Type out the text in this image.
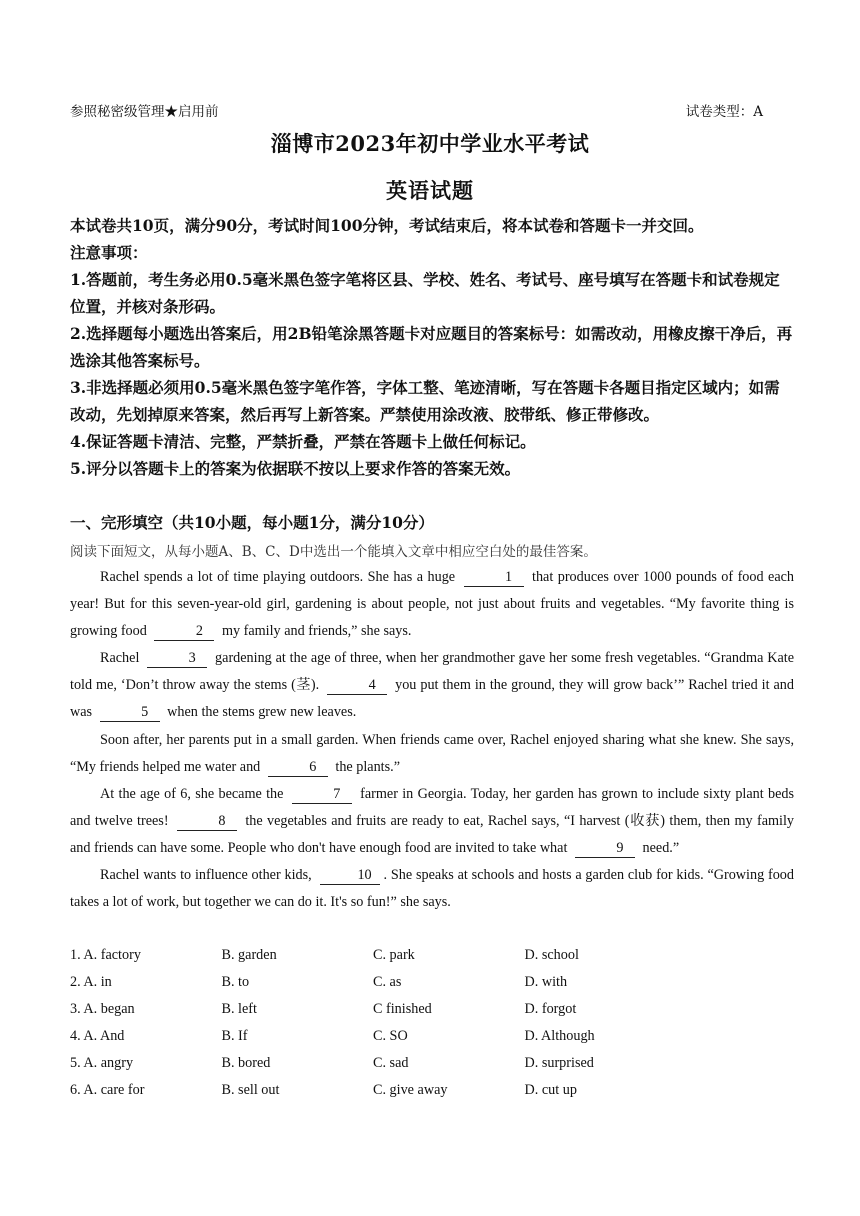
参照秘密级管理★启用前	试卷类型：A
淄博市2023年初中学业水平考试
英语试题
本试卷共10页，满分90分，考试时间100分钟，考试结束后，将本试卷和答题卡一并交回。
注意事项：
1.答题前，考生务必用0.5毫米黑色签字笔将区县、学校、姓名、考试号、座号填写在答题卡和试卷规定位置，并核对条形码。
2.选择题每小题选出答案后，用2B铅笔涂黑答题卡对应题目的答案标号：如需改动，用橡皮擦干净后，再选涂其他答案标号。
3.非选择题必须用0.5毫米黑色签字笔作答，字体工整、笔迹清晰，写在答题卡各题目指定区域内；如需改动，先划掉原来答案，然后再写上新答案。严禁使用涂改液、胶带纸、修正带修改。
4.保证答题卡清洁、完整，严禁折叠，严禁在答题卡上做任何标记。
5.评分以答题卡上的答案为依据联不按以上要求作答的答案无效。
一、完形填空（共10小题，每小题1分，满分10分）
阅读下面短文，从每小题A、B、C、D中选出一个能填入文章中相应空白处的最佳答案。

Rachel spends a lot of time playing outdoors. She has a huge	1 that produces over 1000 pounds of food each year! But for this seven-year-old girl, gardening is about people, not just about fruits and vegetables. “My favorite thing is growing food	2 my family and friends,” she says.

Rachel	3 gardening at the age of three, when her grandmother gave her some fresh vegetables. “Grandma Kate told me, ‘Don’t throw away the stems (茎).	4 you put them in the ground, they will grow back’” Rachel tried it and was	5 when the stems grew new leaves.

Soon after, her parents put in a small garden. When friends came over, Rachel enjoyed sharing what she knew. She says, “My friends helped me water and	6 the plants.”

At the age of 6, she became the	7 farmer in Georgia. Today, her garden has grown to include sixty plant beds and twelve trees!	8 the vegetables and fruits are ready to eat, Rachel says, “I harvest (收获) them, then my family and friends can have some. People who don't have enough food are invited to take what	9 need.”

Rachel wants to influence other kids,	10 . She speaks at schools and hosts a garden club for kids. “Growing food takes a lot of work, but together we can do it. It's so fun!” she says.

1. A. factory	B. garden	C. park	D. school
2. A. in	B. to	C. as	D. with
3. A. began	B. left	C finished	D. forgot
4. A. And	B. If	C. SO	D. Although
5. A. angry	B. bored	C. sad	D. surprised
6. A. care for	B. sell out	C. give away	D. cut up
